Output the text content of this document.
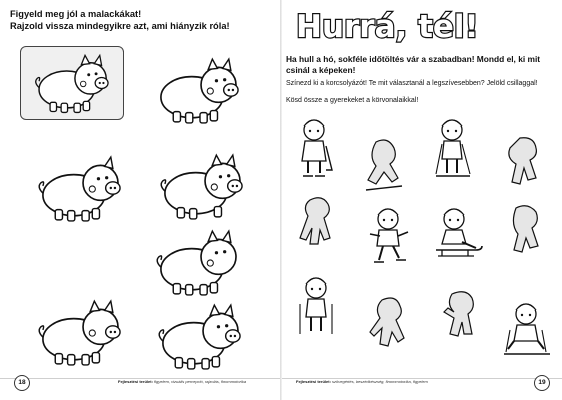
Figyeld meg jól a malackákat!
Rajzold vissza mindegyikre azt, ami hiányzik róla!
18	Fejlesztési terület: figyelem, vizuális percepció, rajzolás, finommotorika
Hurrá, tél!
Ha hull a hó, sokféle időtöltés vár a szabadban! Mondd el, ki mit
csinál a képeken!
Színezd ki a korcsolyázót! Te mit választanál a legszívesebben? Jelöld csillaggal!
Kösd össze a gyerekeket a körvonalaikkal!
Fejlesztési terület: szövegértés, beszédkészség, finommotorika, figyelem	19
